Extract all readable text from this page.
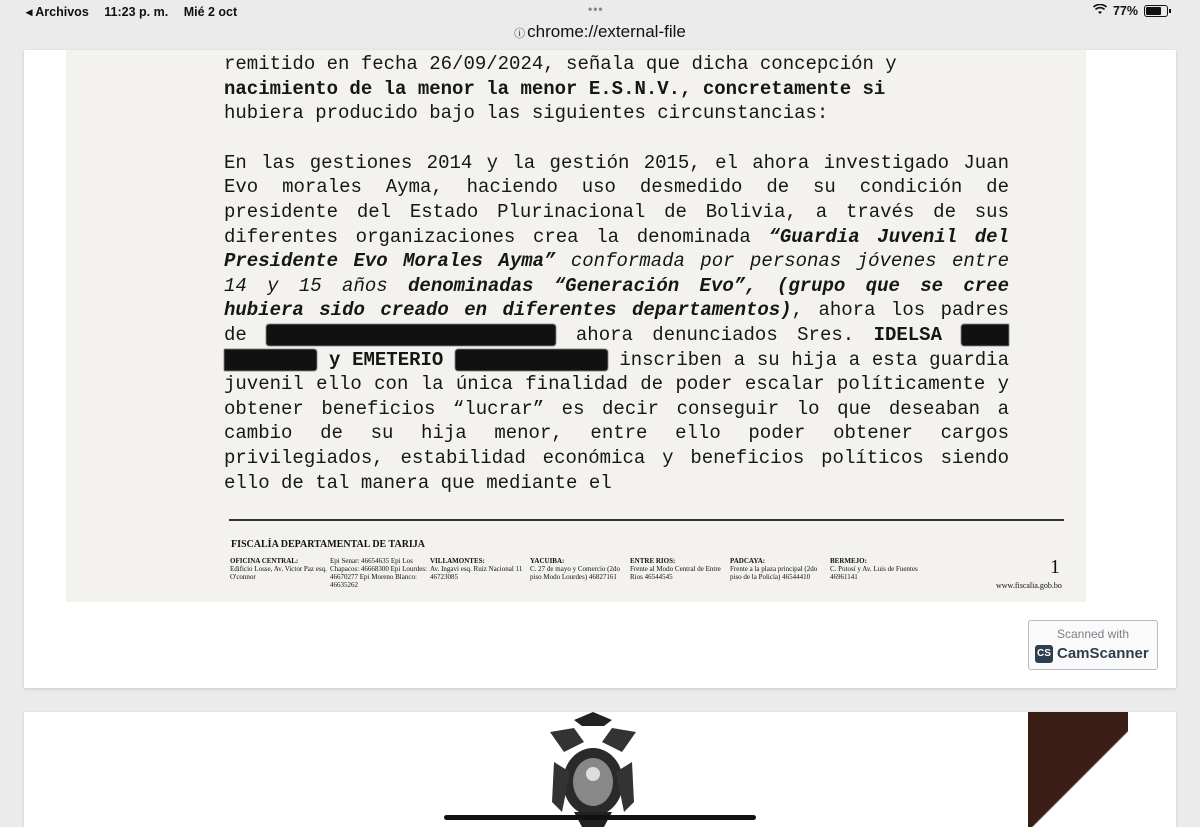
◂ Archivos 11:23 p. m. Mié 2 oct	•••	77%
ⓘ chrome://external-file

remitido en fecha 26/09/2024, señala que dicha concepción y
nacimiento de la menor la menor E.S.N.V., concretamente si
hubiera producido bajo las siguientes circunstancias:

En las gestiones 2014 y la gestión 2015, el ahora investigado Juan Evo morales Ayma, haciendo uso desmedido de su condición de presidente del Estado Plurinacional de Bolivia, a través de sus diferentes organizaciones crea la denominada “Guardia Juvenil del Presidente Evo Morales Ayma” conformada por personas jóvenes entre 14 y 15 años denominadas “Generación Evo”, (grupo que se cree hubiera sido creado en diferentes departamentos), ahora los padres de Cindy Sarai Vargas Pozo ahora denunciados Sres. IDELSA POZO SAAVEDRA y EMETERIO VARGAS MAMANI inscriben a su hija a esta guardia juvenil ello con la única finalidad de poder escalar políticamente y obtener beneficios “lucrar” es decir conseguir lo que deseaban a cambio de su hija menor, entre ello poder obtener cargos privilegiados, estabilidad económica y beneficios políticos siendo ello de tal manera que mediante el

FISCALÍA DEPARTAMENTAL DE TARIJA
OFICINA CENTRAL:
Edificio Losse, Av. Victor Paz esq. O'connor
Epi Senar: 46654635 Epi Los Chapacos: 46668300 Epi Lourdes: 46670277 Epi Moreno Blanco: 46635262
VILLAMONTES:
Av. Ingavi esq. Ruiz Nacional 11 46723085
YACUIBA:
C. 27 de mayo y Comercio (2do piso Modo Lourdes) 46827161
ENTRE RIOS:
Frente al Modo Central de Entre Rios 46544545
PADCAYA:
Frente a la plaza principal (2do piso de la Policía) 46544410
BERMEJO:
C. Potosí y Av. Luis de Fuentes 46961141	1
www.fiscalia.gob.bo
Scanned with
CS CamScanner
